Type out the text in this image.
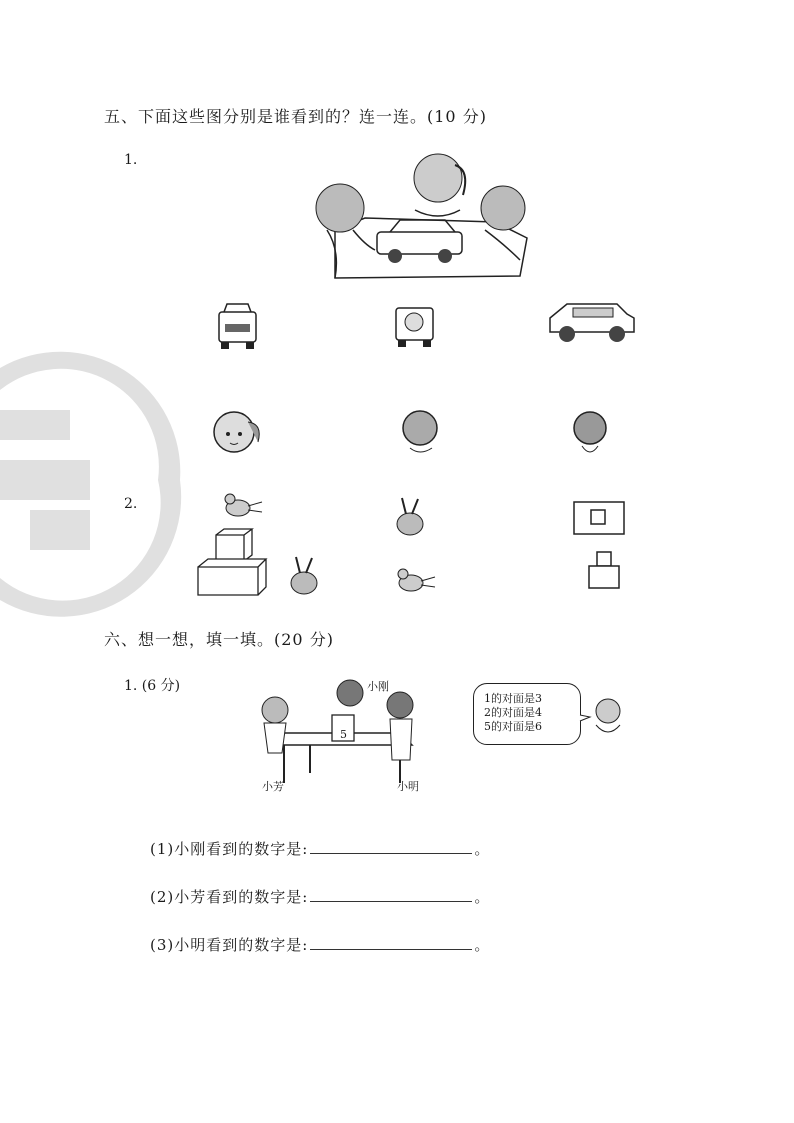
五、下面这些图分别是谁看到的？连一连。(10 分)
1.
2.
六、想一想，填一填。(20 分)
1. (6 分)	小刚
小芳	小明
5
1的对面是3
2的对面是4
5的对面是6
(1)小刚看到的数字是:	。
(2)小芳看到的数字是:	。
(3)小明看到的数字是:	。
